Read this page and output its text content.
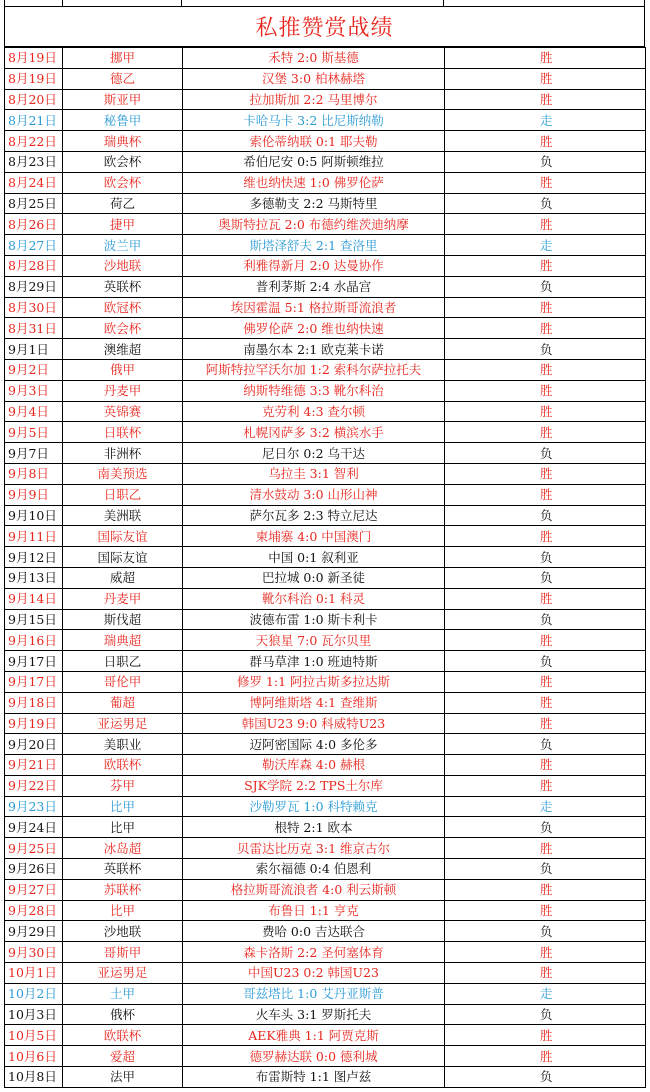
私推赞赏战绩
8月19日	挪甲	禾特 2:0 斯基德	胜
8月19日	德乙	汉堡 3:0 柏林赫塔	胜
8月20日	斯亚甲	拉加斯加 2:2 马里博尔	胜
8月21日	秘鲁甲	卡哈马卡 3:2 比尼斯纳勒	走
8月22日	瑞典杯	索伦蒂纳联 0:1 耶夫勒	胜
8月23日	欧会杯	希伯尼安 0:5 阿斯顿维拉	负
8月24日	欧会杯	维也纳快速 1:0 佛罗伦萨	胜
8月25日	荷乙	多德勒支 2:2 马斯特里	负
8月26日	捷甲	奥斯特拉瓦 2:0 布德约维茨迪纳摩	胜
8月27日	波兰甲	斯塔泽舒夫 2:1 查洛里	走
8月28日	沙地联	利雅得新月 2:0 达曼协作	胜
8月29日	英联杯	普利茅斯 2:4 水晶宫	负
8月30日	欧冠杯	埃因霍温 5:1 格拉斯哥流浪者	胜
8月31日	欧会杯	佛罗伦萨 2:0 维也纳快速	胜
9月1日	澳维超	南墨尔本 2:1 欧克莱卡诺	负
9月2日	俄甲	阿斯特拉罕沃尔加 1:2 索科尔萨拉托夫	胜
9月3日	丹麦甲	纳斯特维德 3:3 靴尔科治	胜
9月4日	英锦赛	克劳利 4:3 查尔顿	胜
9月5日	日联杯	札幌冈萨多 3:2 横滨水手	胜
9月7日	非洲杯	尼日尔 0:2 乌干达	负
9月8日	南美预选	乌拉圭 3:1 智利	胜
9月9日	日职乙	清水鼓动 3:0 山形山神	胜
9月10日	美洲联	萨尔瓦多 2:3 特立尼达	负
9月11日	国际友谊	柬埔寨 4:0 中国澳门	胜
9月12日	国际友谊	中国 0:1 叙利亚	负
9月13日	威超	巴拉城 0:0 新圣徒	负
9月14日	丹麦甲	靴尔科治 0:1 科灵	胜
9月15日	斯伐超	波德布雷 1:0 斯卡利卡	负
9月16日	瑞典超	天狼星 7:0 瓦尔贝里	胜
9月17日	日职乙	群马草津 1:0 班迪特斯	负
9月17日	哥伦甲	修罗 1:1 阿拉古斯多拉达斯	胜
9月18日	葡超	博阿维斯塔 4:1 查维斯	胜
9月19日	亚运男足	韩国U23 9:0 科威特U23	胜
9月20日	美职业	迈阿密国际 4:0 多伦多	负
9月21日	欧联杯	勒沃库森 4:0 赫根	胜
9月22日	芬甲	SJK学院 2:2 TPS土尔库	胜
9月23日	比甲	沙勒罗瓦 1:0 科特赖克	走
9月24日	比甲	根特 2:1 欧本	负
9月25日	冰岛超	贝雷达比历克 3:1 维京古尔	胜
9月26日	英联杯	索尔福德 0:4 伯恩利	负
9月27日	苏联杯	格拉斯哥流浪者 4:0 利云斯顿	胜
9月28日	比甲	布鲁日 1:1 亨克	胜
9月29日	沙地联	费哈 0:0 吉达联合	负
9月30日	哥斯甲	森卡洛斯 2:2 圣何塞体育	胜
10月1日	亚运男足	中国U23 0:2 韩国U23	胜
10月2日	土甲	哥兹塔比 1:0 艾丹亚斯普	走
10月3日	俄杯	火车头 3:1 罗斯托夫	负
10月5日	欧联杯	AEK雅典 1:1 阿贾克斯	胜
10月6日	爱超	德罗赫达联 0:0 德利城	胜
10月8日	法甲	布雷斯特 1:1 图卢兹	负
